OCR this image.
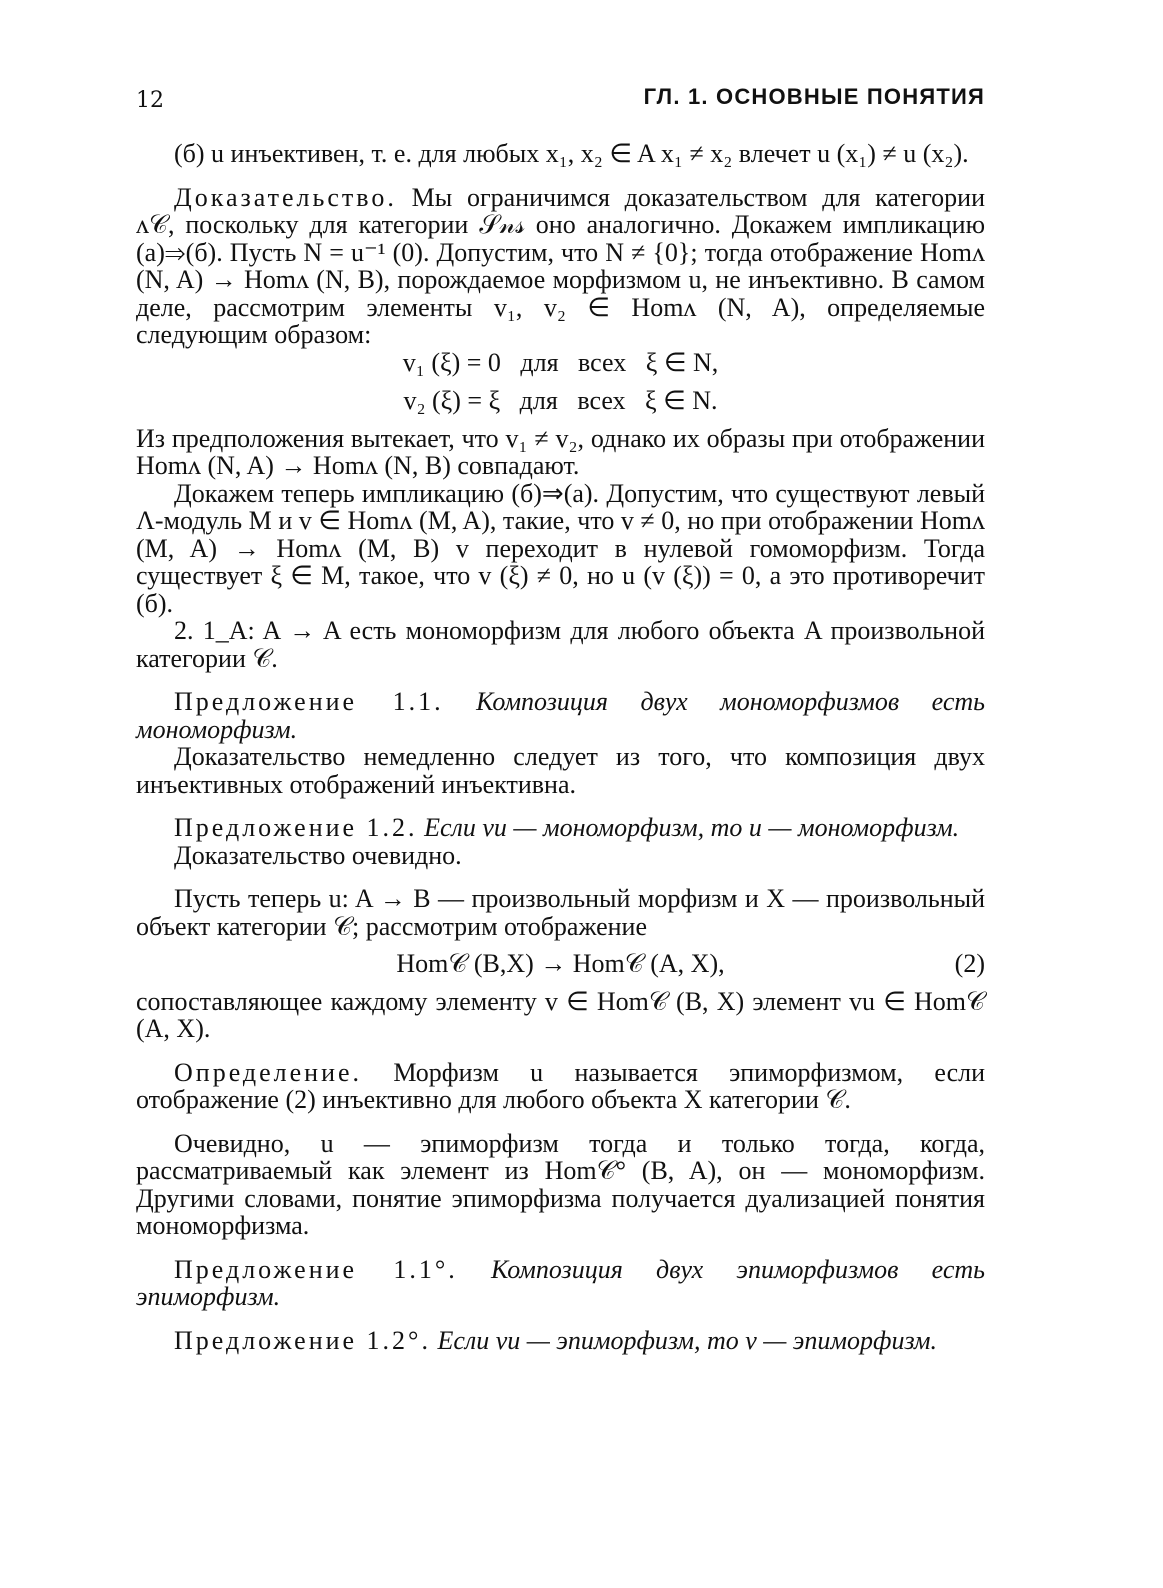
12	ГЛ. 1. ОСНОВНЫЕ ПОНЯТИЯ

(б) u инъективен, т. е. для любых x₁, x₂ ∈ A x₁ ≠ x₂ влечет u (x₁) ≠ u (x₂).

Доказательство. Мы ограничимся доказательством для категории ᴧ𝒞, поскольку для категории 𝒮𝓃𝓈 оно аналогично. Докажем импликацию (а)⇒(б). Пусть N = u⁻¹ (0). Допустим, что N ≠ {0}; тогда отображение Homᴧ (N, A) → Homᴧ (N, B), порождаемое морфизмом u, не инъективно. В самом деле, рассмотрим элементы v₁, v₂ ∈ Homᴧ (N, A), определяемые следующим образом:

v₁ (ξ) = 0   для   всех   ξ ∈ N,
v₂ (ξ) = ξ   для   всех   ξ ∈ N.

Из предположения вытекает, что v₁ ≠ v₂, однако их образы при отображении Homᴧ (N, A) → Homᴧ (N, B) совпадают.

Докажем теперь импликацию (б)⇒(а). Допустим, что существуют левый Λ-модуль M и v ∈ Homᴧ (M, A), такие, что v ≠ 0, но при отображении Homᴧ (M, A) → Homᴧ (M, B) v переходит в нулевой гомоморфизм. Тогда существует ξ ∈ M, такое, что v (ξ) ≠ 0, но u (v (ξ)) = 0, а это противоречит (б).

2. 1_A: A → A есть мономорфизм для любого объекта A произвольной категории 𝒞.

Предложение 1.1. Композиция двух мономорфизмов есть мономорфизм.

Доказательство немедленно следует из того, что композиция двух инъективных отображений инъективна.

Предложение 1.2. Если vu — мономорфизм, то u — мономорфизм.

Доказательство очевидно.

Пусть теперь u: A → B — произвольный морфизм и X — произвольный объект категории 𝒞; рассмотрим отображение

Hom𝒞 (B,X) → Hom𝒞 (A, X),	(2)

сопоставляющее каждому элементу v ∈ Hom𝒞 (B, X) элемент vu ∈ Hom𝒞 (A, X).

Определение. Морфизм u называется эпиморфизмом, если отображение (2) инъективно для любого объекта X категории 𝒞.

Очевидно, u — эпиморфизм тогда и только тогда, когда, рассматриваемый как элемент из Hom𝒞° (B, A), он — мономорфизм. Другими словами, понятие эпиморфизма получается дуализацией понятия мономорфизма.

Предложение 1.1°. Композиция двух эпиморфизмов есть эпиморфизм.

Предложение 1.2°. Если vu — эпиморфизм, то v — эпиморфизм.
